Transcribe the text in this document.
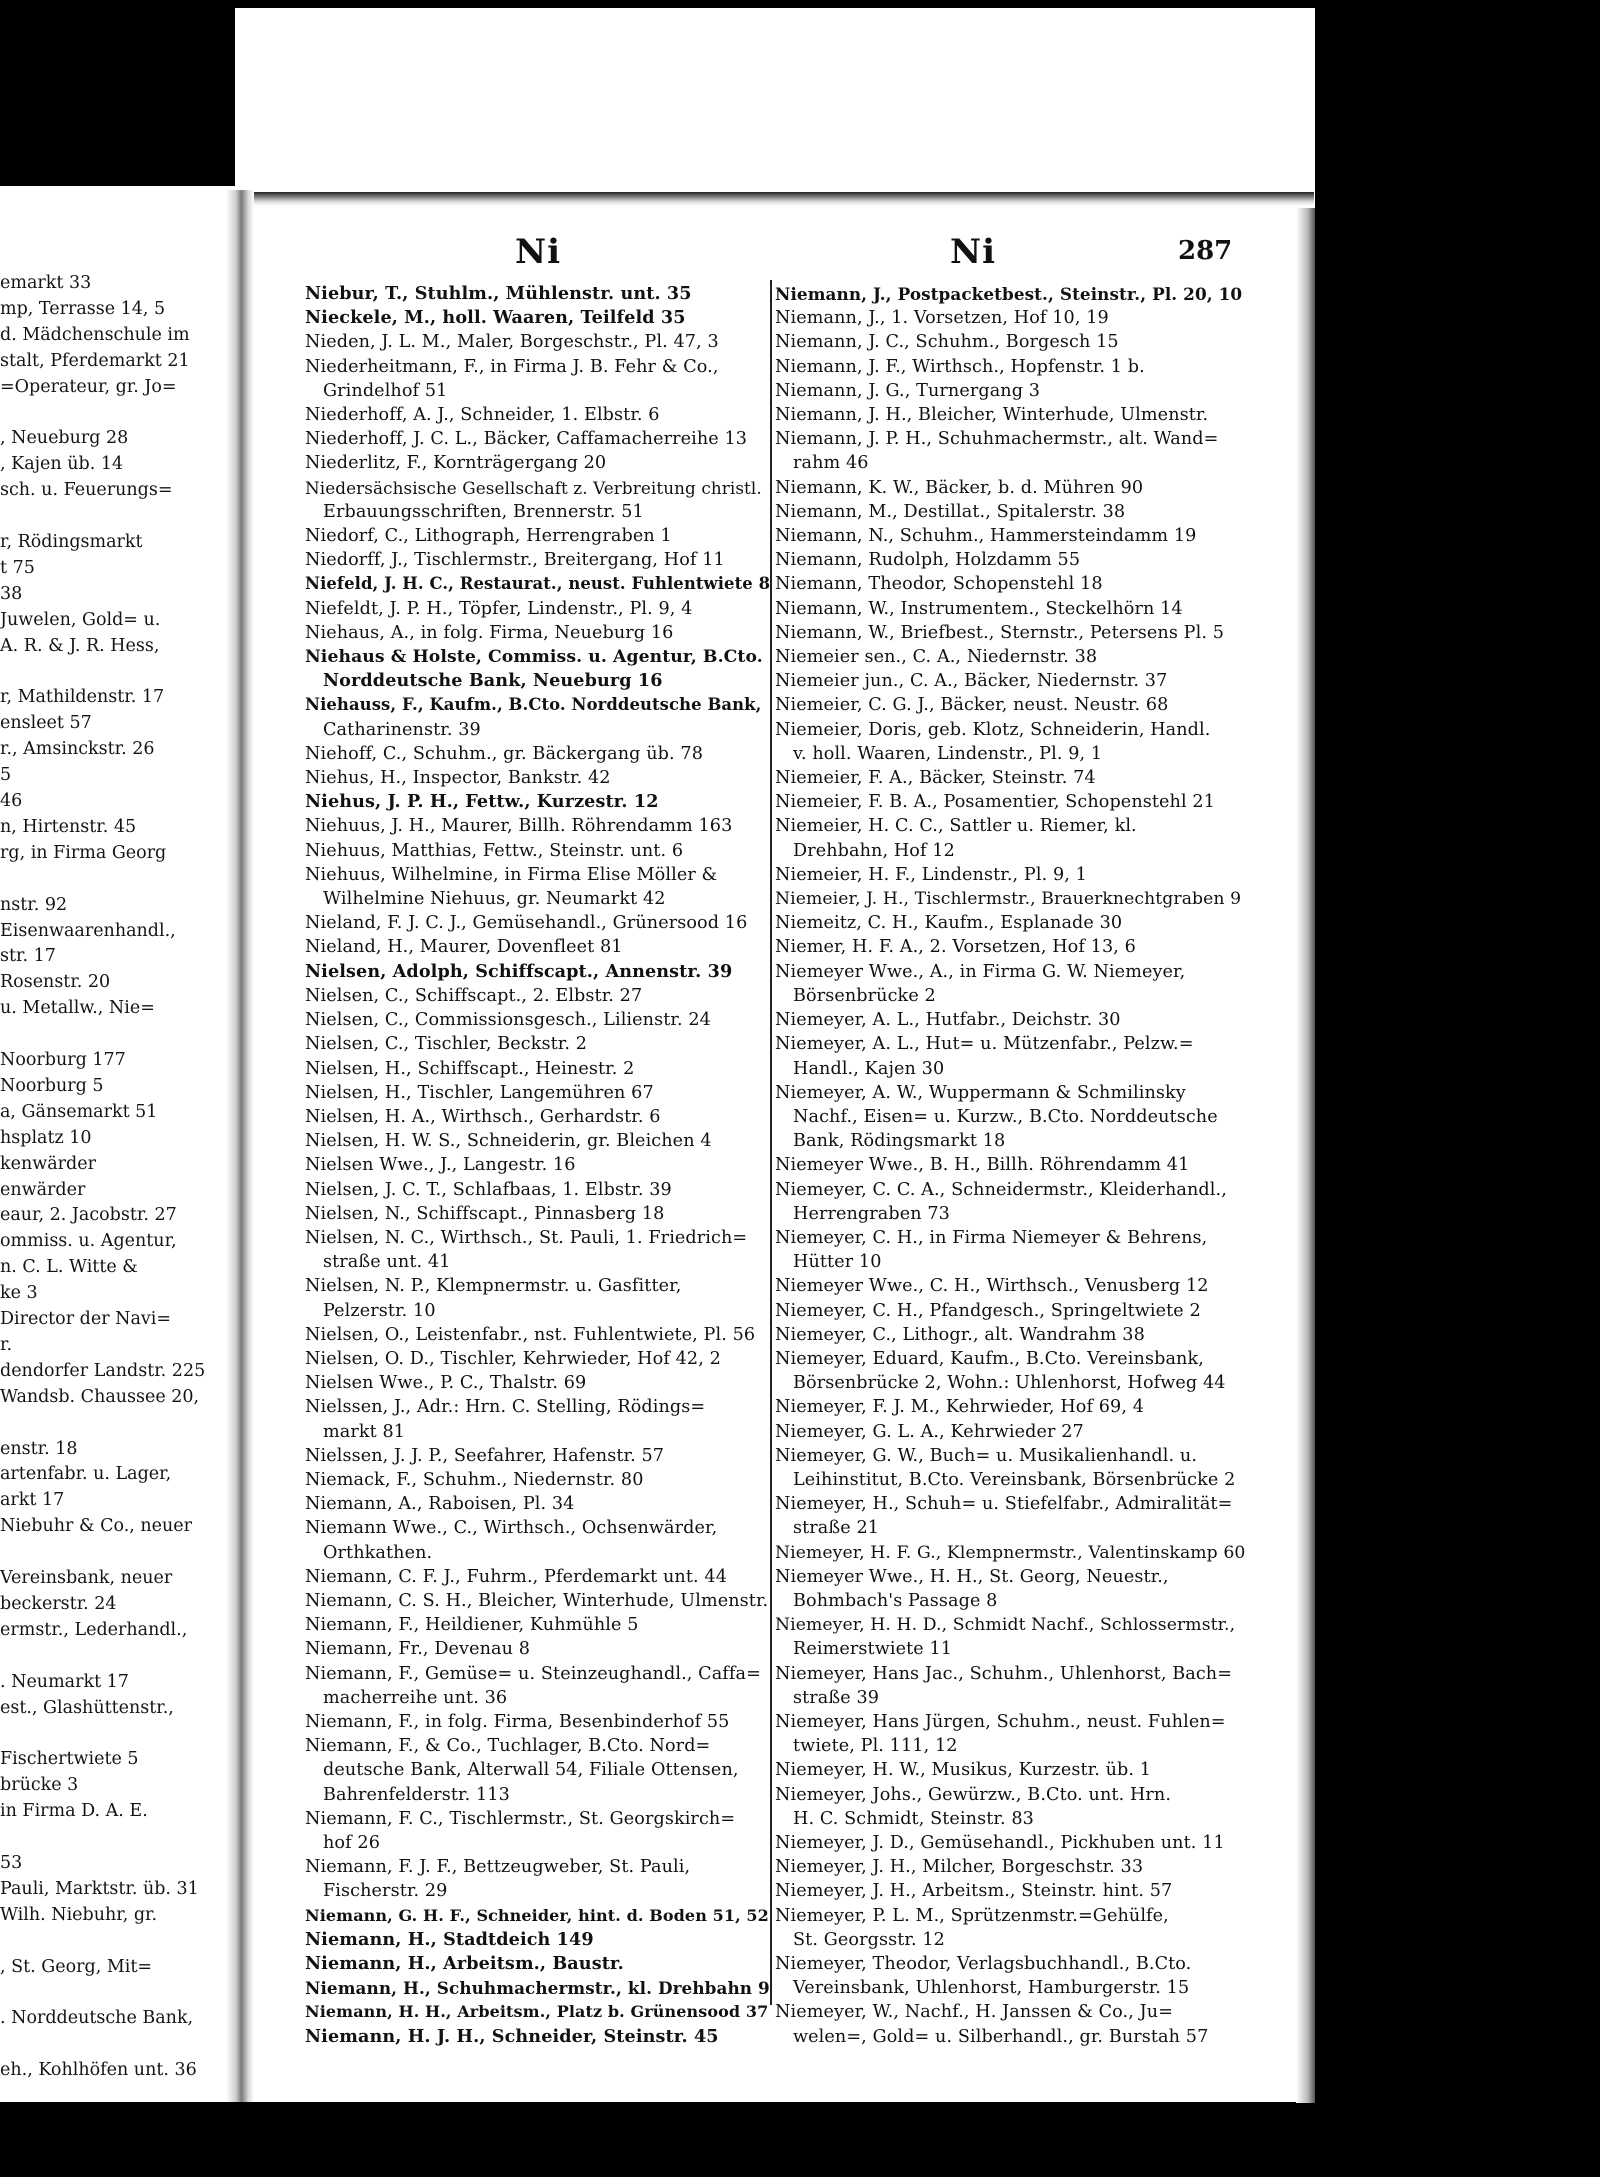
emarkt 33
mp, Terrasse 14, 5
d. Mädchenschule im
stalt, Pferdemarkt 21
=Operateur, gr. Jo=
, Neueburg 28
, Kajen üb. 14
sch. u. Feuerungs=
r, Rödingsmarkt
t 75
38
Juwelen, Gold= u.
A. R. & J. R. Hess,
r, Mathildenstr. 17
ensleet 57
r., Amsinckstr. 26
5
46
n, Hirtenstr. 45
rg, in Firma Georg
nstr. 92
Eisenwaarenhandl.,
str. 17
Rosenstr. 20
u. Metallw., Nie=
Noorburg 177
Noorburg 5
a, Gänsemarkt 51
hsplatz 10
kenwärder
enwärder
eaur, 2. Jacobstr. 27
ommiss. u. Agentur,
n. C. L. Witte &
ke 3
Director der Navi=
r.
dendorfer Landstr. 225
Wandsb. Chaussee 20,
enstr. 18
artenfabr. u. Lager,
arkt 17
Niebuhr & Co., neuer
Vereinsbank, neuer
beckerstr. 24
ermstr., Lederhandl.,
. Neumarkt 17
est., Glashüttenstr.,
Fischertwiete 5
brücke 3
in Firma D. A. E.
53
Pauli, Marktstr. üb. 31
Wilh. Niebuhr, gr.
, St. Georg, Mit=
. Norddeutsche Bank,
eh., Kohlhöfen unt. 36
Ni	Ni	287
Niebur, T., Stuhlm., Mühlenstr. unt. 35
Nieckele, M., holl. Waaren, Teilfeld 35
Nieden, J. L. M., Maler, Borgeschstr., Pl. 47, 3
Niederheitmann, F., in Firma J. B. Fehr & Co.,
Grindelhof 51
Niederhoff, A. J., Schneider, 1. Elbstr. 6
Niederhoff, J. C. L., Bäcker, Caffamacherreihe 13
Niederlitz, F., Kornträgergang 20
Niedersächsische Gesellschaft z. Verbreitung christl.
Erbauungsschriften, Brennerstr. 51
Niedorf, C., Lithograph, Herrengraben 1
Niedorff, J., Tischlermstr., Breitergang, Hof 11
Niefeld, J. H. C., Restaurat., neust. Fuhlentwiete 8
Niefeldt, J. P. H., Töpfer, Lindenstr., Pl. 9, 4
Niehaus, A., in folg. Firma, Neueburg 16
Niehaus & Holste, Commiss. u. Agentur, B.Cto.
Norddeutsche Bank, Neueburg 16
Niehauss, F., Kaufm., B.Cto. Norddeutsche Bank,
Catharinenstr. 39
Niehoff, C., Schuhm., gr. Bäckergang üb. 78
Niehus, H., Inspector, Bankstr. 42
Niehus, J. P. H., Fettw., Kurzestr. 12
Niehuus, J. H., Maurer, Billh. Röhrendamm 163
Niehuus, Matthias, Fettw., Steinstr. unt. 6
Niehuus, Wilhelmine, in Firma Elise Möller &
Wilhelmine Niehuus, gr. Neumarkt 42
Nieland, F. J. C. J., Gemüsehandl., Grünersood 16
Nieland, H., Maurer, Dovenfleet 81
Nielsen, Adolph, Schiffscapt., Annenstr. 39
Nielsen, C., Schiffscapt., 2. Elbstr. 27
Nielsen, C., Commissionsgesch., Lilienstr. 24
Nielsen, C., Tischler, Beckstr. 2
Nielsen, H., Schiffscapt., Heinestr. 2
Nielsen, H., Tischler, Langemühren 67
Nielsen, H. A., Wirthsch., Gerhardstr. 6
Nielsen, H. W. S., Schneiderin, gr. Bleichen 4
Nielsen Wwe., J., Langestr. 16
Nielsen, J. C. T., Schlafbaas, 1. Elbstr. 39
Nielsen, N., Schiffscapt., Pinnasberg 18
Nielsen, N. C., Wirthsch., St. Pauli, 1. Friedrich=
straße unt. 41
Nielsen, N. P., Klempnermstr. u. Gasfitter,
Pelzerstr. 10
Nielsen, O., Leistenfabr., nst. Fuhlentwiete, Pl. 56
Nielsen, O. D., Tischler, Kehrwieder, Hof 42, 2
Nielsen Wwe., P. C., Thalstr. 69
Nielssen, J., Adr.: Hrn. C. Stelling, Rödings=
markt 81
Nielssen, J. J. P., Seefahrer, Hafenstr. 57
Niemack, F., Schuhm., Niedernstr. 80
Niemann, A., Raboisen, Pl. 34
Niemann Wwe., C., Wirthsch., Ochsenwärder,
Orthkathen.
Niemann, C. F. J., Fuhrm., Pferdemarkt unt. 44
Niemann, C. S. H., Bleicher, Winterhude, Ulmenstr.
Niemann, F., Heildiener, Kuhmühle 5
Niemann, Fr., Devenau 8
Niemann, F., Gemüse= u. Steinzeughandl., Caffa=
macherreihe unt. 36
Niemann, F., in folg. Firma, Besenbinderhof 55
Niemann, F., & Co., Tuchlager, B.Cto. Nord=
deutsche Bank, Alterwall 54, Filiale Ottensen,
Bahrenfelderstr. 113
Niemann, F. C., Tischlermstr., St. Georgskirch=
hof 26
Niemann, F. J. F., Bettzeugweber, St. Pauli,
Fischerstr. 29
Niemann, G. H. F., Schneider, hint. d. Boden 51, 52
Niemann, H., Stadtdeich 149
Niemann, H., Arbeitsm., Baustr.
Niemann, H., Schuhmachermstr., kl. Drehbahn 9
Niemann, H. H., Arbeitsm., Platz b. Grünensood 37
Niemann, H. J. H., Schneider, Steinstr. 45
Niemann, J., Postpacketbest., Steinstr., Pl. 20, 10
Niemann, J., 1. Vorsetzen, Hof 10, 19
Niemann, J. C., Schuhm., Borgesch 15
Niemann, J. F., Wirthsch., Hopfenstr. 1 b.
Niemann, J. G., Turnergang 3
Niemann, J. H., Bleicher, Winterhude, Ulmenstr.
Niemann, J. P. H., Schuhmachermstr., alt. Wand=
rahm 46
Niemann, K. W., Bäcker, b. d. Mühren 90
Niemann, M., Destillat., Spitalerstr. 38
Niemann, N., Schuhm., Hammersteindamm 19
Niemann, Rudolph, Holzdamm 55
Niemann, Theodor, Schopenstehl 18
Niemann, W., Instrumentem., Steckelhörn 14
Niemann, W., Briefbest., Sternstr., Petersens Pl. 5
Niemeier sen., C. A., Niedernstr. 38
Niemeier jun., C. A., Bäcker, Niedernstr. 37
Niemeier, C. G. J., Bäcker, neust. Neustr. 68
Niemeier, Doris, geb. Klotz, Schneiderin, Handl.
v. holl. Waaren, Lindenstr., Pl. 9, 1
Niemeier, F. A., Bäcker, Steinstr. 74
Niemeier, F. B. A., Posamentier, Schopenstehl 21
Niemeier, H. C. C., Sattler u. Riemer, kl.
Drehbahn, Hof 12
Niemeier, H. F., Lindenstr., Pl. 9, 1
Niemeier, J. H., Tischlermstr., Brauerknechtgraben 9
Niemeitz, C. H., Kaufm., Esplanade 30
Niemer, H. F. A., 2. Vorsetzen, Hof 13, 6
Niemeyer Wwe., A., in Firma G. W. Niemeyer,
Börsenbrücke 2
Niemeyer, A. L., Hutfabr., Deichstr. 30
Niemeyer, A. L., Hut= u. Mützenfabr., Pelzw.=
Handl., Kajen 30
Niemeyer, A. W., Wuppermann & Schmilinsky
Nachf., Eisen= u. Kurzw., B.Cto. Norddeutsche
Bank, Rödingsmarkt 18
Niemeyer Wwe., B. H., Billh. Röhrendamm 41
Niemeyer, C. C. A., Schneidermstr., Kleiderhandl.,
Herrengraben 73
Niemeyer, C. H., in Firma Niemeyer & Behrens,
Hütter 10
Niemeyer Wwe., C. H., Wirthsch., Venusberg 12
Niemeyer, C. H., Pfandgesch., Springeltwiete 2
Niemeyer, C., Lithogr., alt. Wandrahm 38
Niemeyer, Eduard, Kaufm., B.Cto. Vereinsbank,
Börsenbrücke 2, Wohn.: Uhlenhorst, Hofweg 44
Niemeyer, F. J. M., Kehrwieder, Hof 69, 4
Niemeyer, G. L. A., Kehrwieder 27
Niemeyer, G. W., Buch= u. Musikalienhandl. u.
Leihinstitut, B.Cto. Vereinsbank, Börsenbrücke 2
Niemeyer, H., Schuh= u. Stiefelfabr., Admiralität=
straße 21
Niemeyer, H. F. G., Klempnermstr., Valentinskamp 60
Niemeyer Wwe., H. H., St. Georg, Neuestr.,
Bohmbach's Passage 8
Niemeyer, H. H. D., Schmidt Nachf., Schlossermstr.,
Reimerstwiete 11
Niemeyer, Hans Jac., Schuhm., Uhlenhorst, Bach=
straße 39
Niemeyer, Hans Jürgen, Schuhm., neust. Fuhlen=
twiete, Pl. 111, 12
Niemeyer, H. W., Musikus, Kurzestr. üb. 1
Niemeyer, Johs., Gewürzw., B.Cto. unt. Hrn.
H. C. Schmidt, Steinstr. 83
Niemeyer, J. D., Gemüsehandl., Pickhuben unt. 11
Niemeyer, J. H., Milcher, Borgeschstr. 33
Niemeyer, J. H., Arbeitsm., Steinstr. hint. 57
Niemeyer, P. L. M., Sprützenmstr.=Gehülfe,
St. Georgsstr. 12
Niemeyer, Theodor, Verlagsbuchhandl., B.Cto.
Vereinsbank, Uhlenhorst, Hamburgerstr. 15
Niemeyer, W., Nachf., H. Janssen & Co., Ju=
welen=, Gold= u. Silberhandl., gr. Burstah 57
